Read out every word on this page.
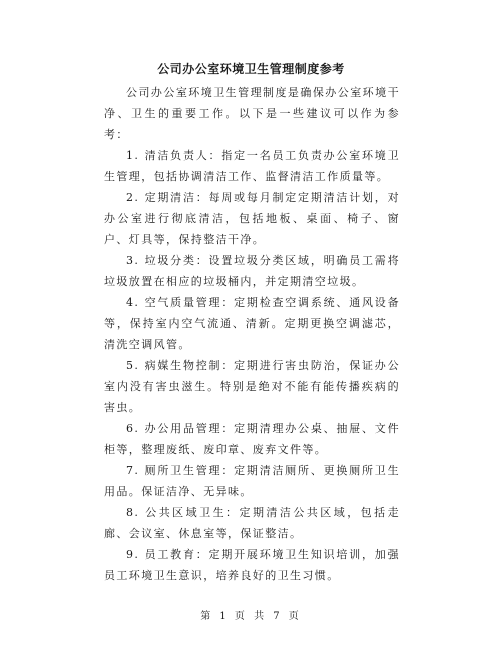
公司办公室环境卫生管理制度参考

公司办公室环境卫生管理制度是确保办公室环境干净、卫生的重要工作。以下是一些建议可以作为参考：

1. 清洁负责人：指定一名员工负责办公室环境卫生管理，包括协调清洁工作、监督清洁工作质量等。

2. 定期清洁：每周或每月制定定期清洁计划，对办公室进行彻底清洁，包括地板、桌面、椅子、窗户、灯具等，保持整洁干净。

3. 垃圾分类：设置垃圾分类区域，明确员工需将垃圾放置在相应的垃圾桶内，并定期清空垃圾。

4. 空气质量管理：定期检查空调系统、通风设备等，保持室内空气流通、清新。定期更换空调滤芯，清洗空调风管。

5. 病媒生物控制：定期进行害虫防治，保证办公室内没有害虫滋生。特别是绝对不能有能传播疾病的害虫。

6. 办公用品管理：定期清理办公桌、抽屉、文件柜等，整理废纸、废印章、废弃文件等。

7. 厕所卫生管理：定期清洁厕所、更换厕所卫生用品。保证洁净、无异味。

8. 公共区域卫生：定期清洁公共区域，包括走廊、会议室、休息室等，保证整洁。

9. 员工教育：定期开展环境卫生知识培训，加强员工环境卫生意识，培养良好的卫生习惯。

第 1 页 共 7 页
